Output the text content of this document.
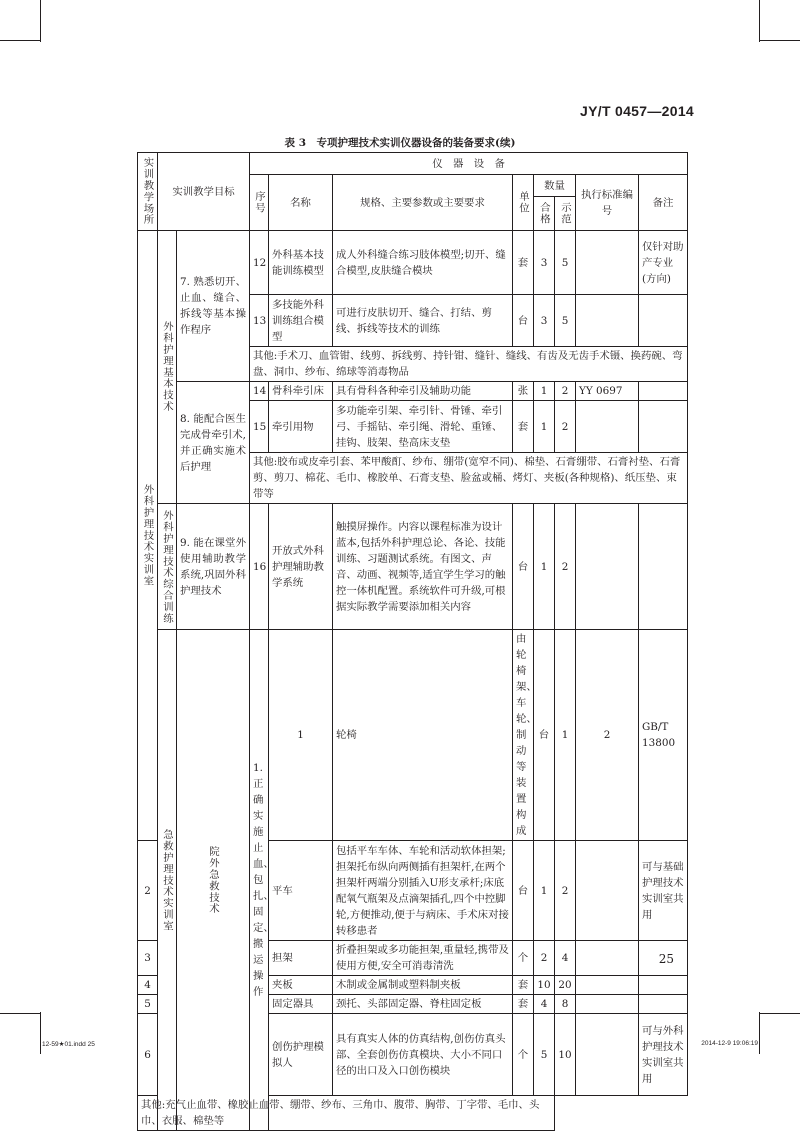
JY/T 0457—2014
表 3　专项护理技术实训仪器设备的装备要求(续)
实训教学场所	实训教学目标		仪　器　设　备								
			序号	名称	规格、主要参数或主要要求	单位	数量		执行标准编号	备注	
							合格	示范			
外科护理技术实训室	外科护理基本技术	7. 熟悉切开、止血、缝合、拆线等基本操作程序	12	外科基本技能训练模型	成人外科缝合练习肢体模型;切开、缝合模型,皮肤缝合模块	套	3	5		仅针对助产专业(方向)	
			13	多技能外科训练组合模型	可进行皮肤切开、缝合、打结、剪线、拆线等技术的训练	台	3	5			
			其他:手术刀、血管钳、线剪、拆线剪、持针钳、缝针、缝线、有齿及无齿手术镊、换药碗、弯盘、洞巾、纱布、绵球等消毒物品								
		8. 能配合医生完成骨牵引术,并正确实施术后护理	14	骨科牵引床	具有骨科各种牵引及辅助功能	张	1	2	YY 0697		
			15	牵引用物	多功能牵引架、牵引针、骨锤、牵引弓、手摇钻、牵引绳、滑轮、重锤、挂钩、肢架、垫高床支垫	套	1	2			
			其他:胶布或皮牵引套、苯甲酸酊、纱布、绷带(宽窄不同)、棉垫、石膏绷带、石膏衬垫、石膏剪、剪刀、棉花、毛巾、橡胶单、石膏支垫、脸盆或桶、烤灯、夹板(各种规格)、纸压垫、束带等								
	外科护理技术综合训练	9. 能在课堂外使用辅助教学系统,巩固外科护理技术	16	开放式外科护理辅助教学系统	触摸屏操作。内容以课程标准为设计蓝本,包括外科护理总论、各论、技能训练、习题测试系统。有图文、声音、动画、视频等,适宜学生学习的触控一体机配置。系统软件可升级,可根据实际教学需要添加相关内容	台	1	2			
	急救护理技术实训室	院外急救技术	1. 正确实施止血、包扎、固定、搬运操作	1	轮椅	由轮椅架、车轮、制动等装置构成	台	1	2	GB/T 13800	
2				平车	包括平车车体、车轮和活动软体担架;担架托布纵向两侧插有担架杆,在两个担架杆两端分别插入U形支承杆;床底配氧气瓶架及点滴架插孔,四个中控脚轮,方便推动,便于与病床、手术床对接转移患者	台	1	2		可与基础护理技术实训室共用	
3				担架	折叠担架或多功能担架,重量轻,携带及使用方便,安全可消毒清洗	个	2	4			
4				夹板	木制或金属制或塑料制夹板	套	10	20			
5				固定器具	颈托、头部固定器、脊柱固定板	套	4	8			
6				创伤护理模拟人	具有真实人体的仿真结构,创伤仿真头部、全套创伤仿真模块、大小不同口径的出口及入口创伤模块	个	5	10		可与外科护理技术实训室共用	
其他:充气止血带、橡胶止血带、绷带、纱布、三角巾、腹带、胸带、丁字带、毛巾、头巾、衣服、棉垫等											
25
12-59★01.indd 25	2014-12-9 19:06:19
